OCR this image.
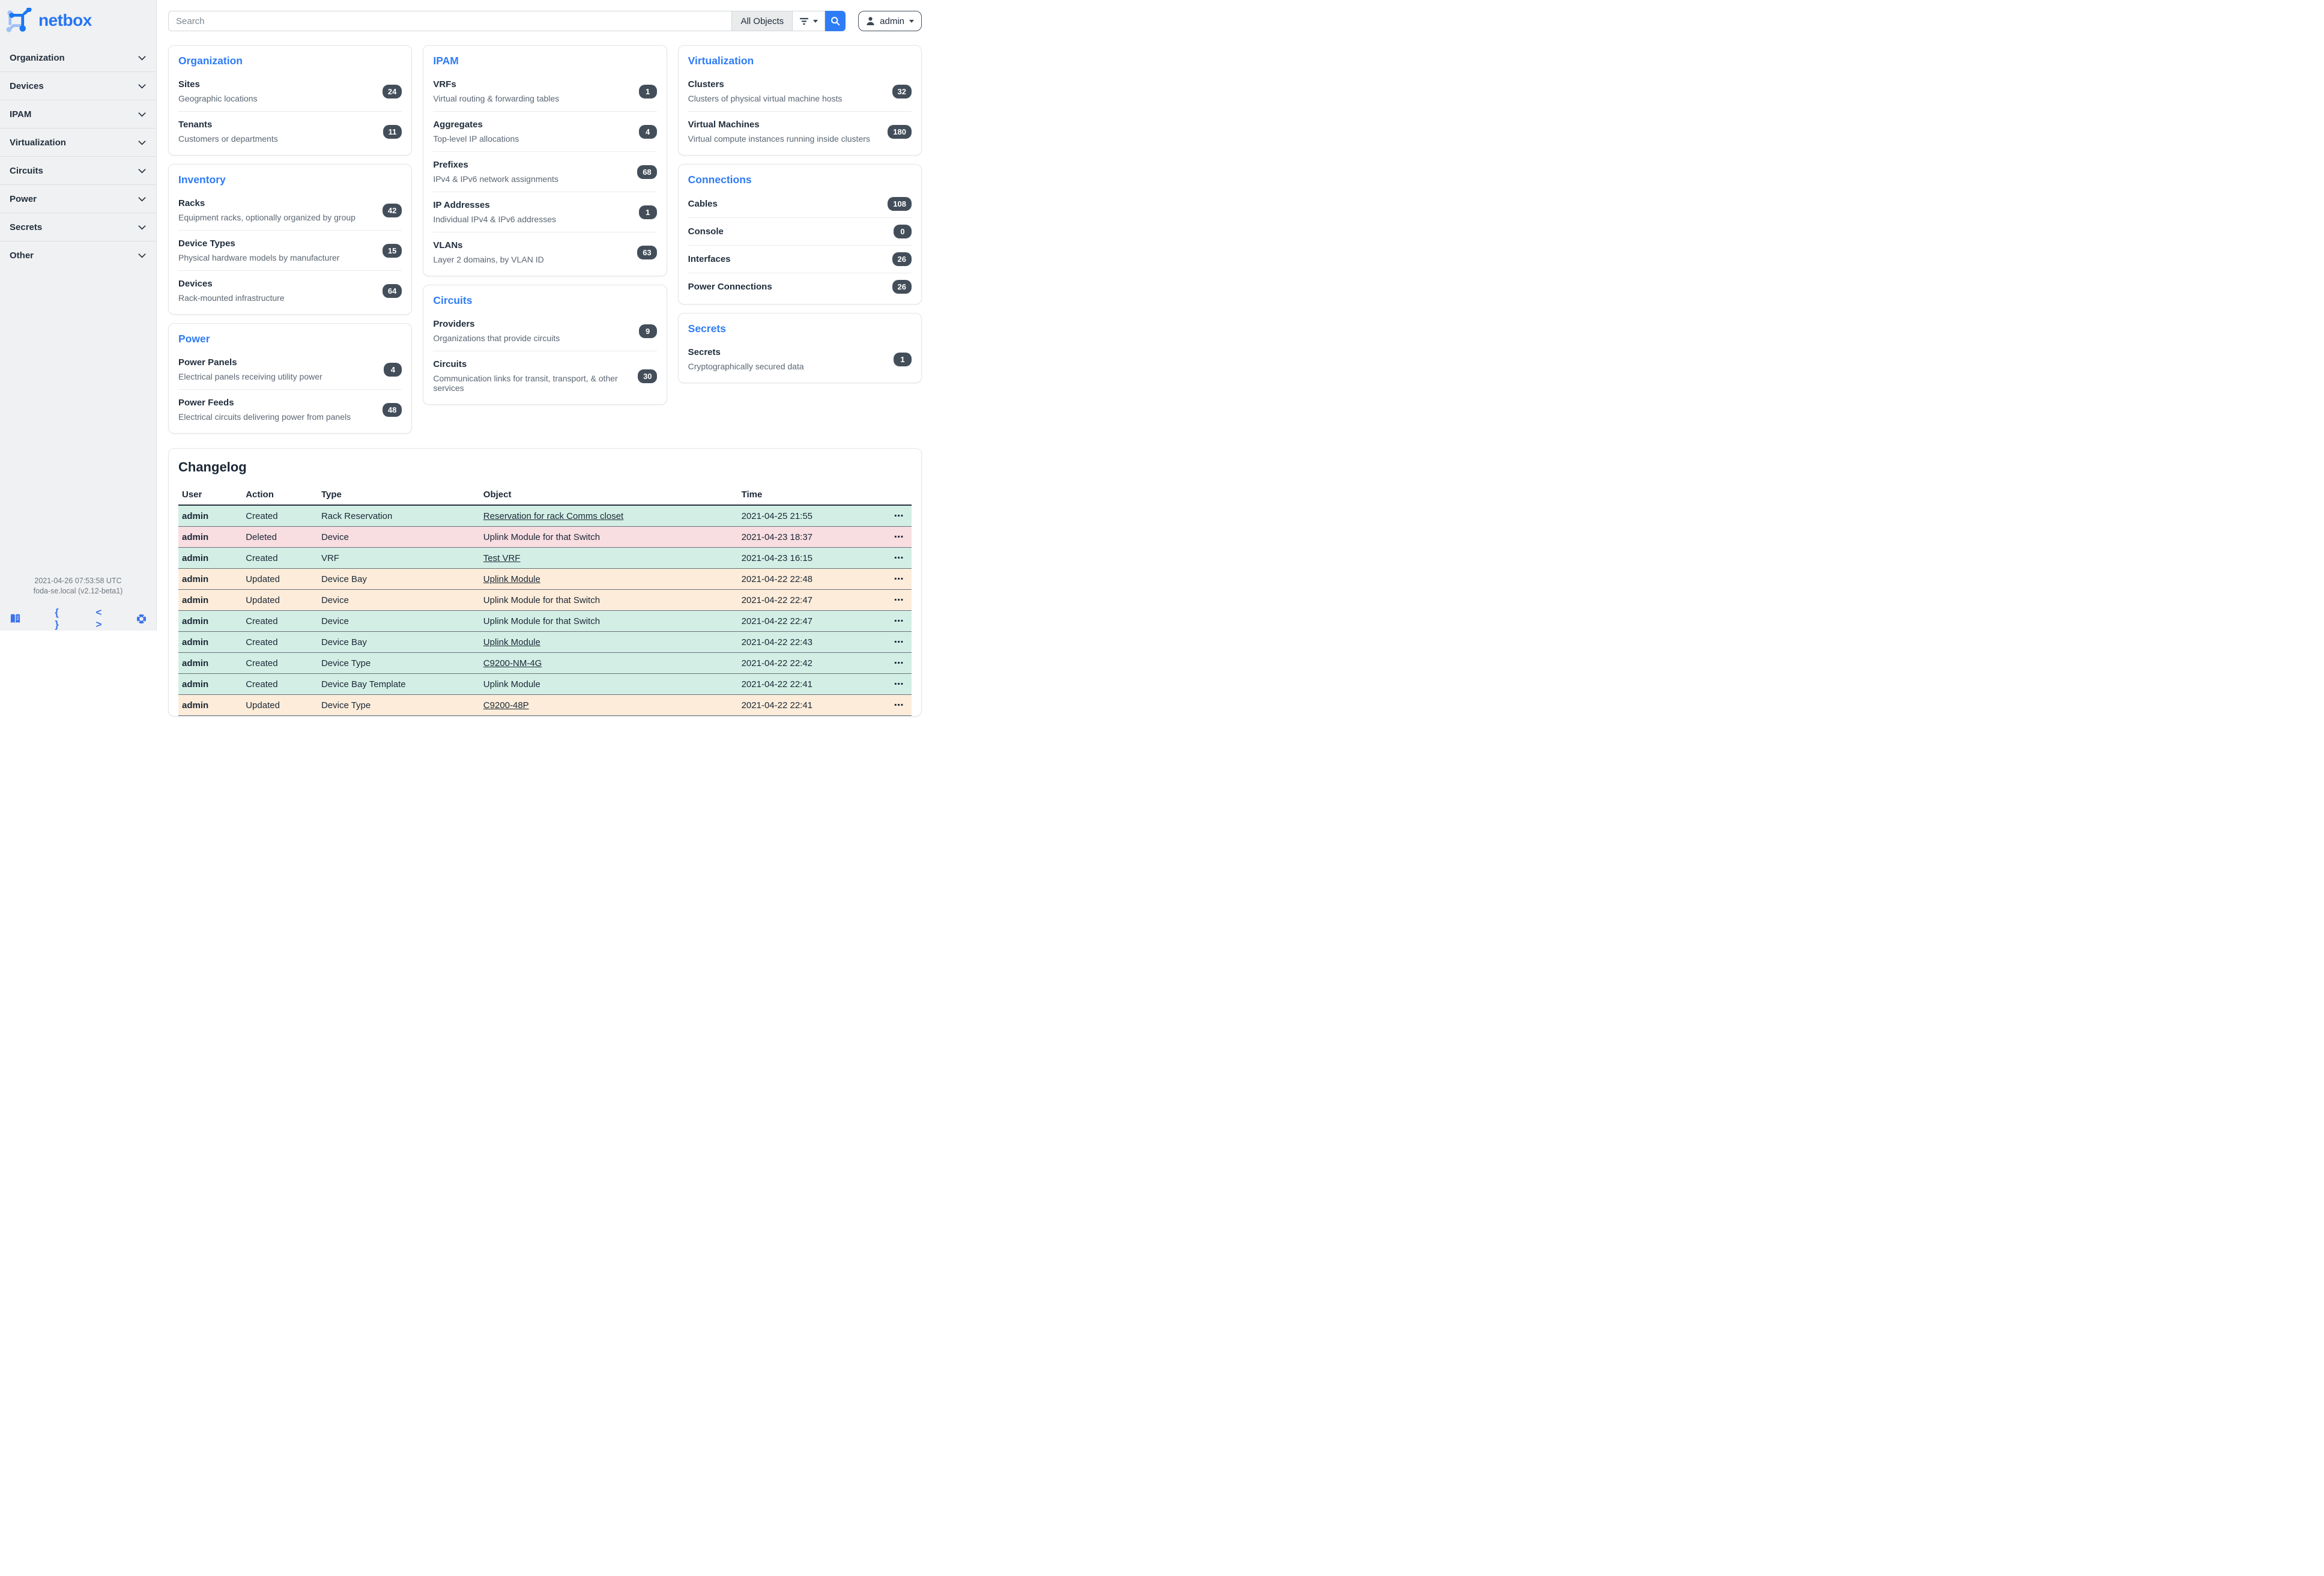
netbox
Organization
Devices
IPAM
Virtualization
Circuits
Power
Secrets
Other
2021-04-26 07:53:58 UTC
foda-se.local (v2.12-beta1)
{ }
< >
Search
All Objects	admin
Organization
Sites
Geographic locations
24
Tenants
Customers or departments
11
Inventory
Racks
Equipment racks, optionally organized by group
42
Device Types
Physical hardware models by manufacturer
15
Devices
Rack-mounted infrastructure
64
Power
Power Panels
Electrical panels receiving utility power
4
Power Feeds
Electrical circuits delivering power from panels
48
IPAM
VRFs
Virtual routing & forwarding tables
1
Aggregates
Top-level IP allocations
4
Prefixes
IPv4 & IPv6 network assignments
68
IP Addresses
Individual IPv4 & IPv6 addresses
1
VLANs
Layer 2 domains, by VLAN ID
63
Circuits
Providers
Organizations that provide circuits
9
Circuits
Communication links for transit, transport, & other services
30
Virtualization
Clusters
Clusters of physical virtual machine hosts
32
Virtual Machines
Virtual compute instances running inside clusters
180
Connections
Cables	108
Console	0
Interfaces	26
Power Connections	26
Secrets
Secrets
Cryptographically secured data
1
Changelog
User	Action	Type	Object	Time	
admin	Created	Rack Reservation	Reservation for rack Comms closet	2021-04-25 21:55	⋯
admin	Deleted	Device	Uplink Module for that Switch	2021-04-23 18:37	⋯
admin	Created	VRF	Test VRF	2021-04-23 16:15	⋯
admin	Updated	Device Bay	Uplink Module	2021-04-22 22:48	⋯
admin	Updated	Device	Uplink Module for that Switch	2021-04-22 22:47	⋯
admin	Created	Device	Uplink Module for that Switch	2021-04-22 22:47	⋯
admin	Created	Device Bay	Uplink Module	2021-04-22 22:43	⋯
admin	Created	Device Type	C9200-NM-4G	2021-04-22 22:42	⋯
admin	Created	Device Bay Template	Uplink Module	2021-04-22 22:41	⋯
admin	Updated	Device Type	C9200-48P	2021-04-22 22:41	⋯
